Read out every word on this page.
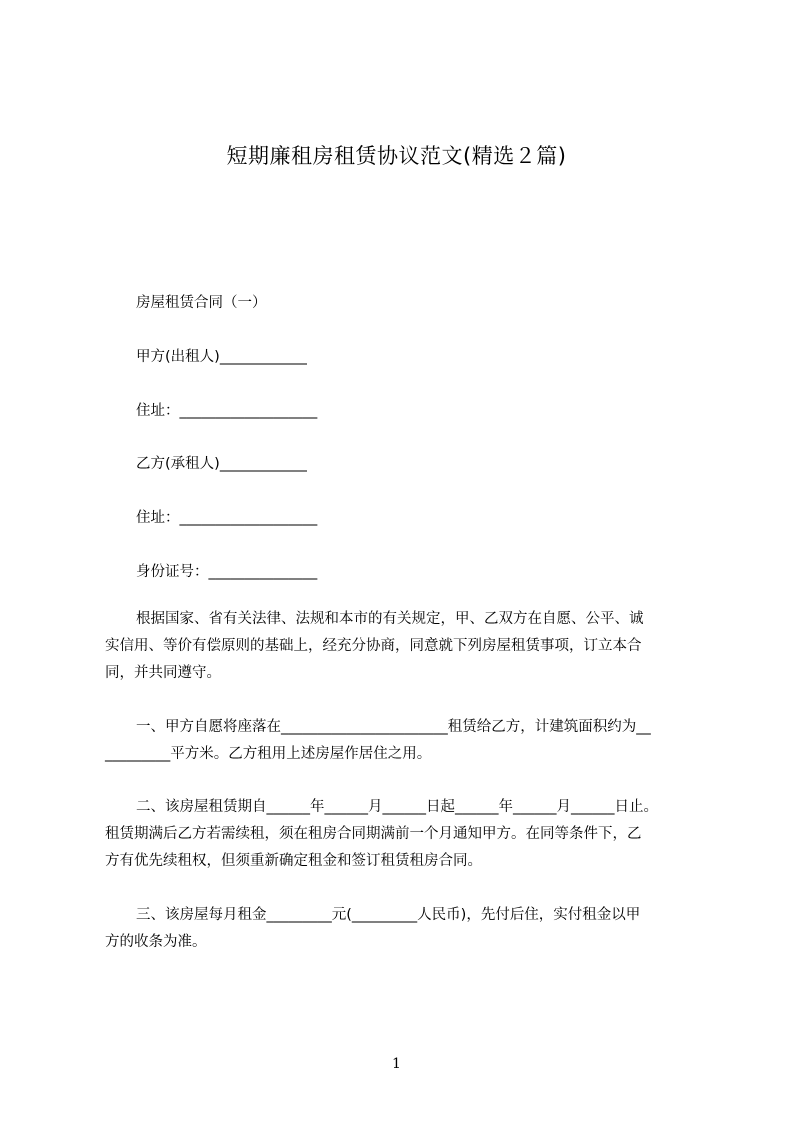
短期廉租房租赁协议范文(精选２篇)
房屋租赁合同（一）
甲方(出租人)____________
住址：___________________
乙方(承租人)____________
住址：___________________
身份证号：_______________

根据国家、省有关法律、法规和本市的有关规定，甲、乙双方在自愿、公平、诚

实信用、等价有偿原则的基础上，经充分协商，同意就下列房屋租赁事项，订立本合

同，并共同遵守。

一、甲方自愿将座落在_______________________租赁给乙方，计建筑面积约为__

_________平方米。乙方租用上述房屋作居住之用。

二、该房屋租赁期自______年______月______日起______年______月______日止。

租赁期满后乙方若需续租，须在租房合同期满前一个月通知甲方。在同等条件下，乙

方有优先续租权，但须重新确定租金和签订租赁租房合同。

三、该房屋每月租金_________元(_________人民币)，先付后住，实付租金以甲

方的收条为准。

1
